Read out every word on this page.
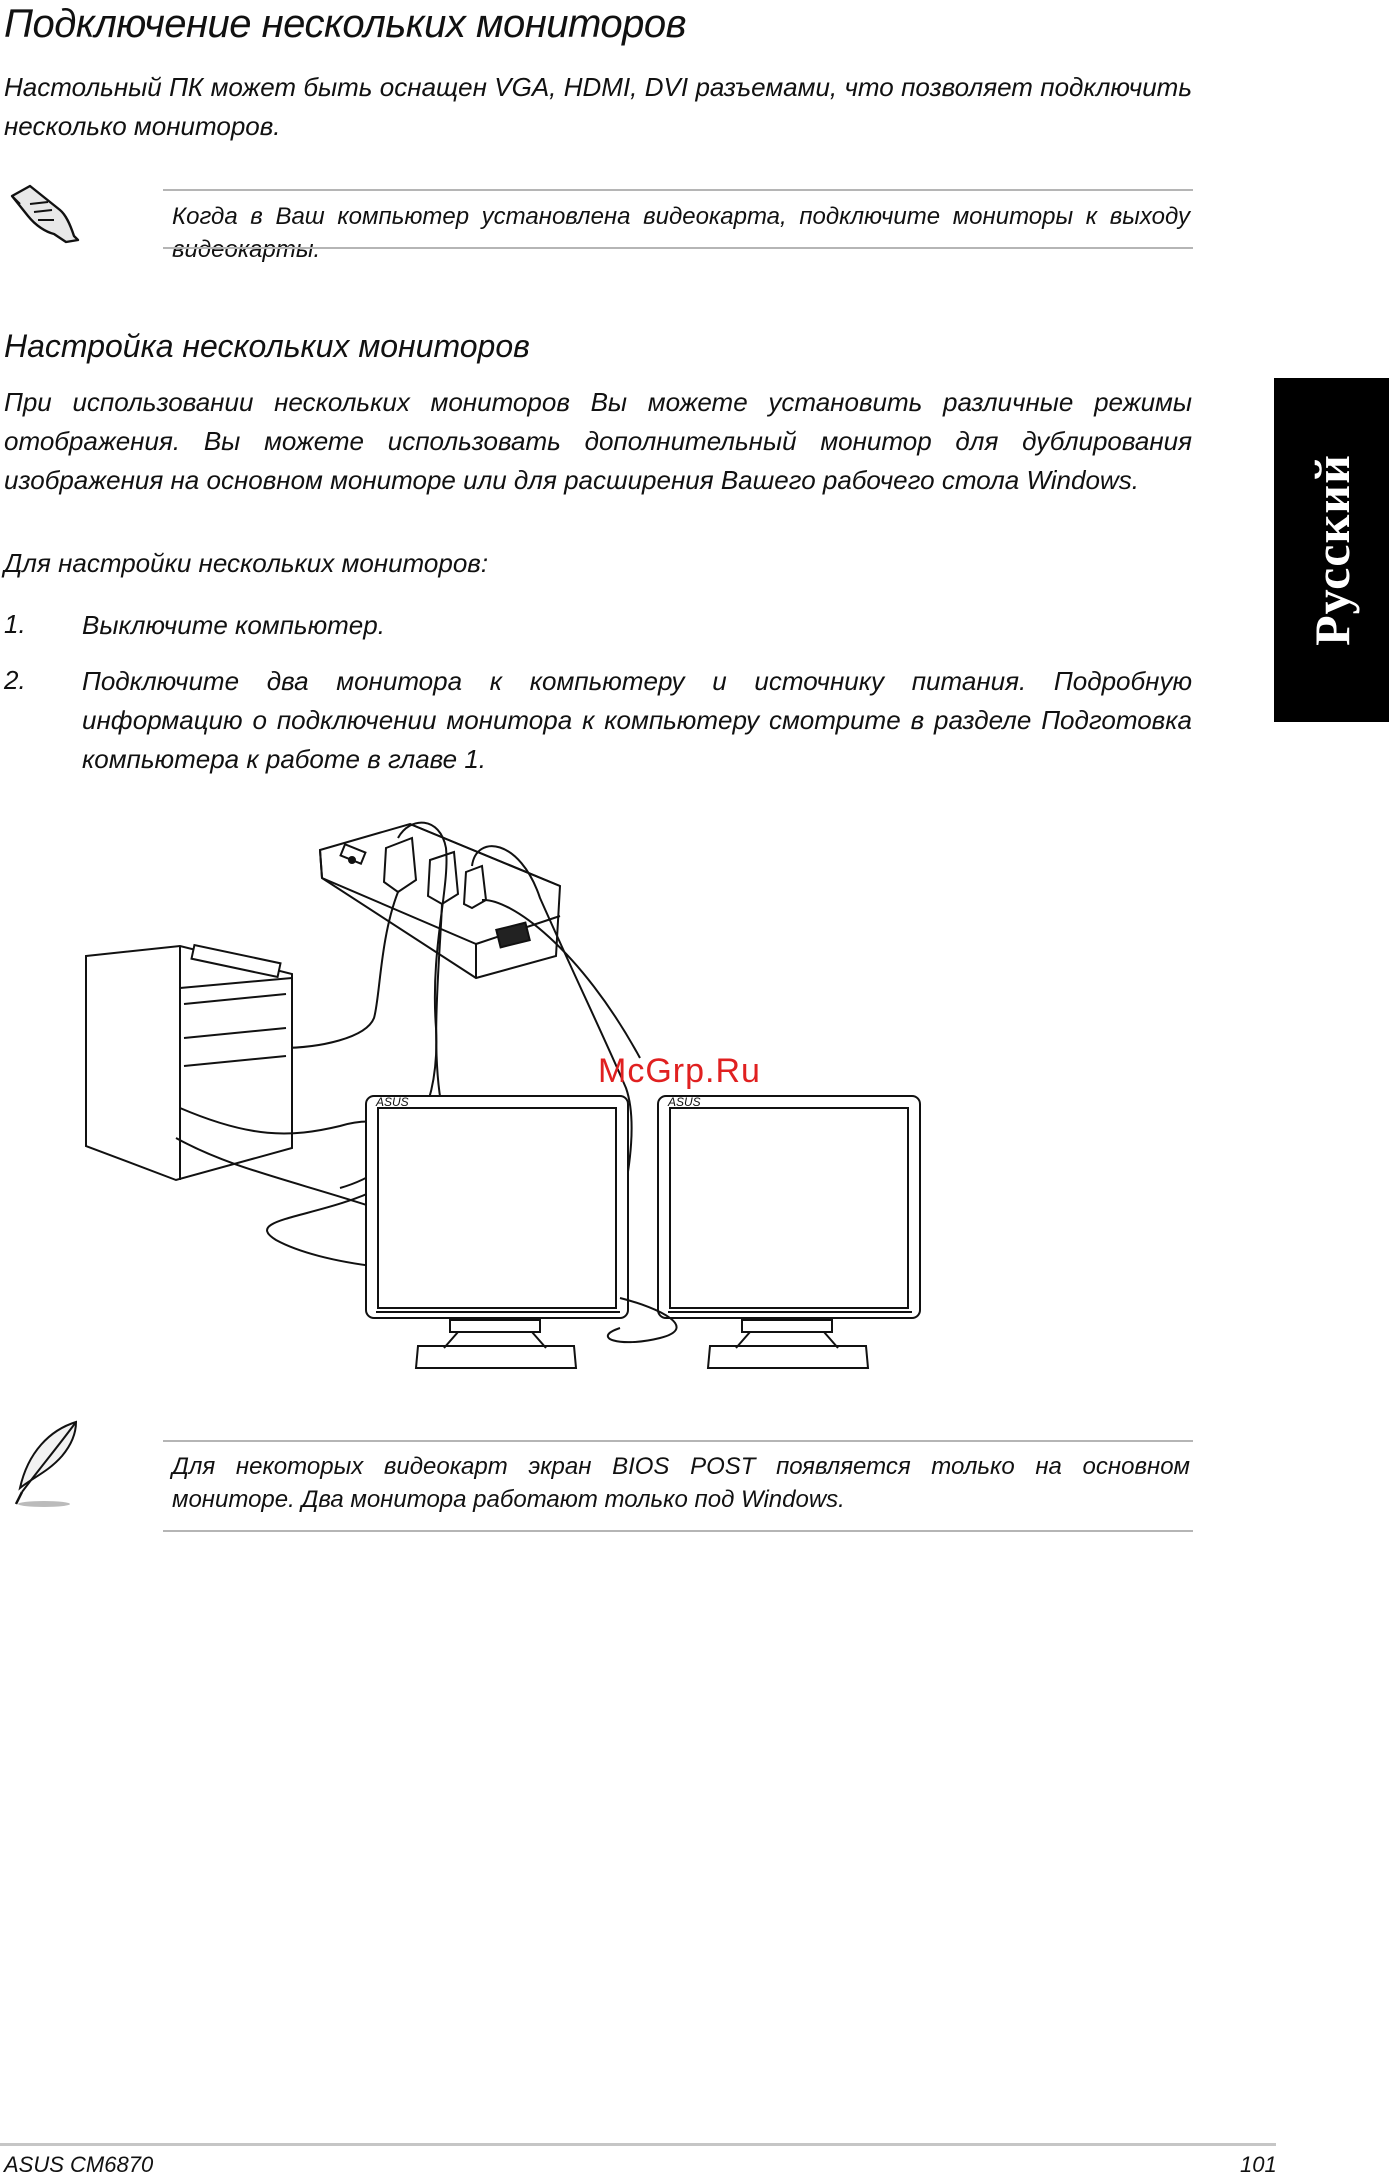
Подключение нескольких мониторов
Настольный ПК может быть оснащен VGA, HDMI, DVI разъемами, что позволяет подключить несколько мониторов.
Когда в Ваш компьютер установлена видеокарта, подключите мониторы к выходу видеокарты.
Настройка нескольких мониторов
При использовании нескольких мониторов Вы можете установить различные режимы отображения. Вы можете использовать дополнительный монитор для дублирования изображения на основном мониторе или для расширения Вашего рабочего стола Windows.
Для настройки нескольких мониторов:
1. Выключите компьютер.
2. Подключите два монитора к компьютеру и источнику питания. Подробную информацию о подключении монитора к компьютеру смотрите в разделе Подготовка компьютера к работе в главе 1.
ASUS	ASUS
McGrp.Ru
Для некоторых видеокарт экран BIOS POST появляется только на основном мониторе. Два монитора работают только под Windows.
Русский
ASUS CM6870	101
